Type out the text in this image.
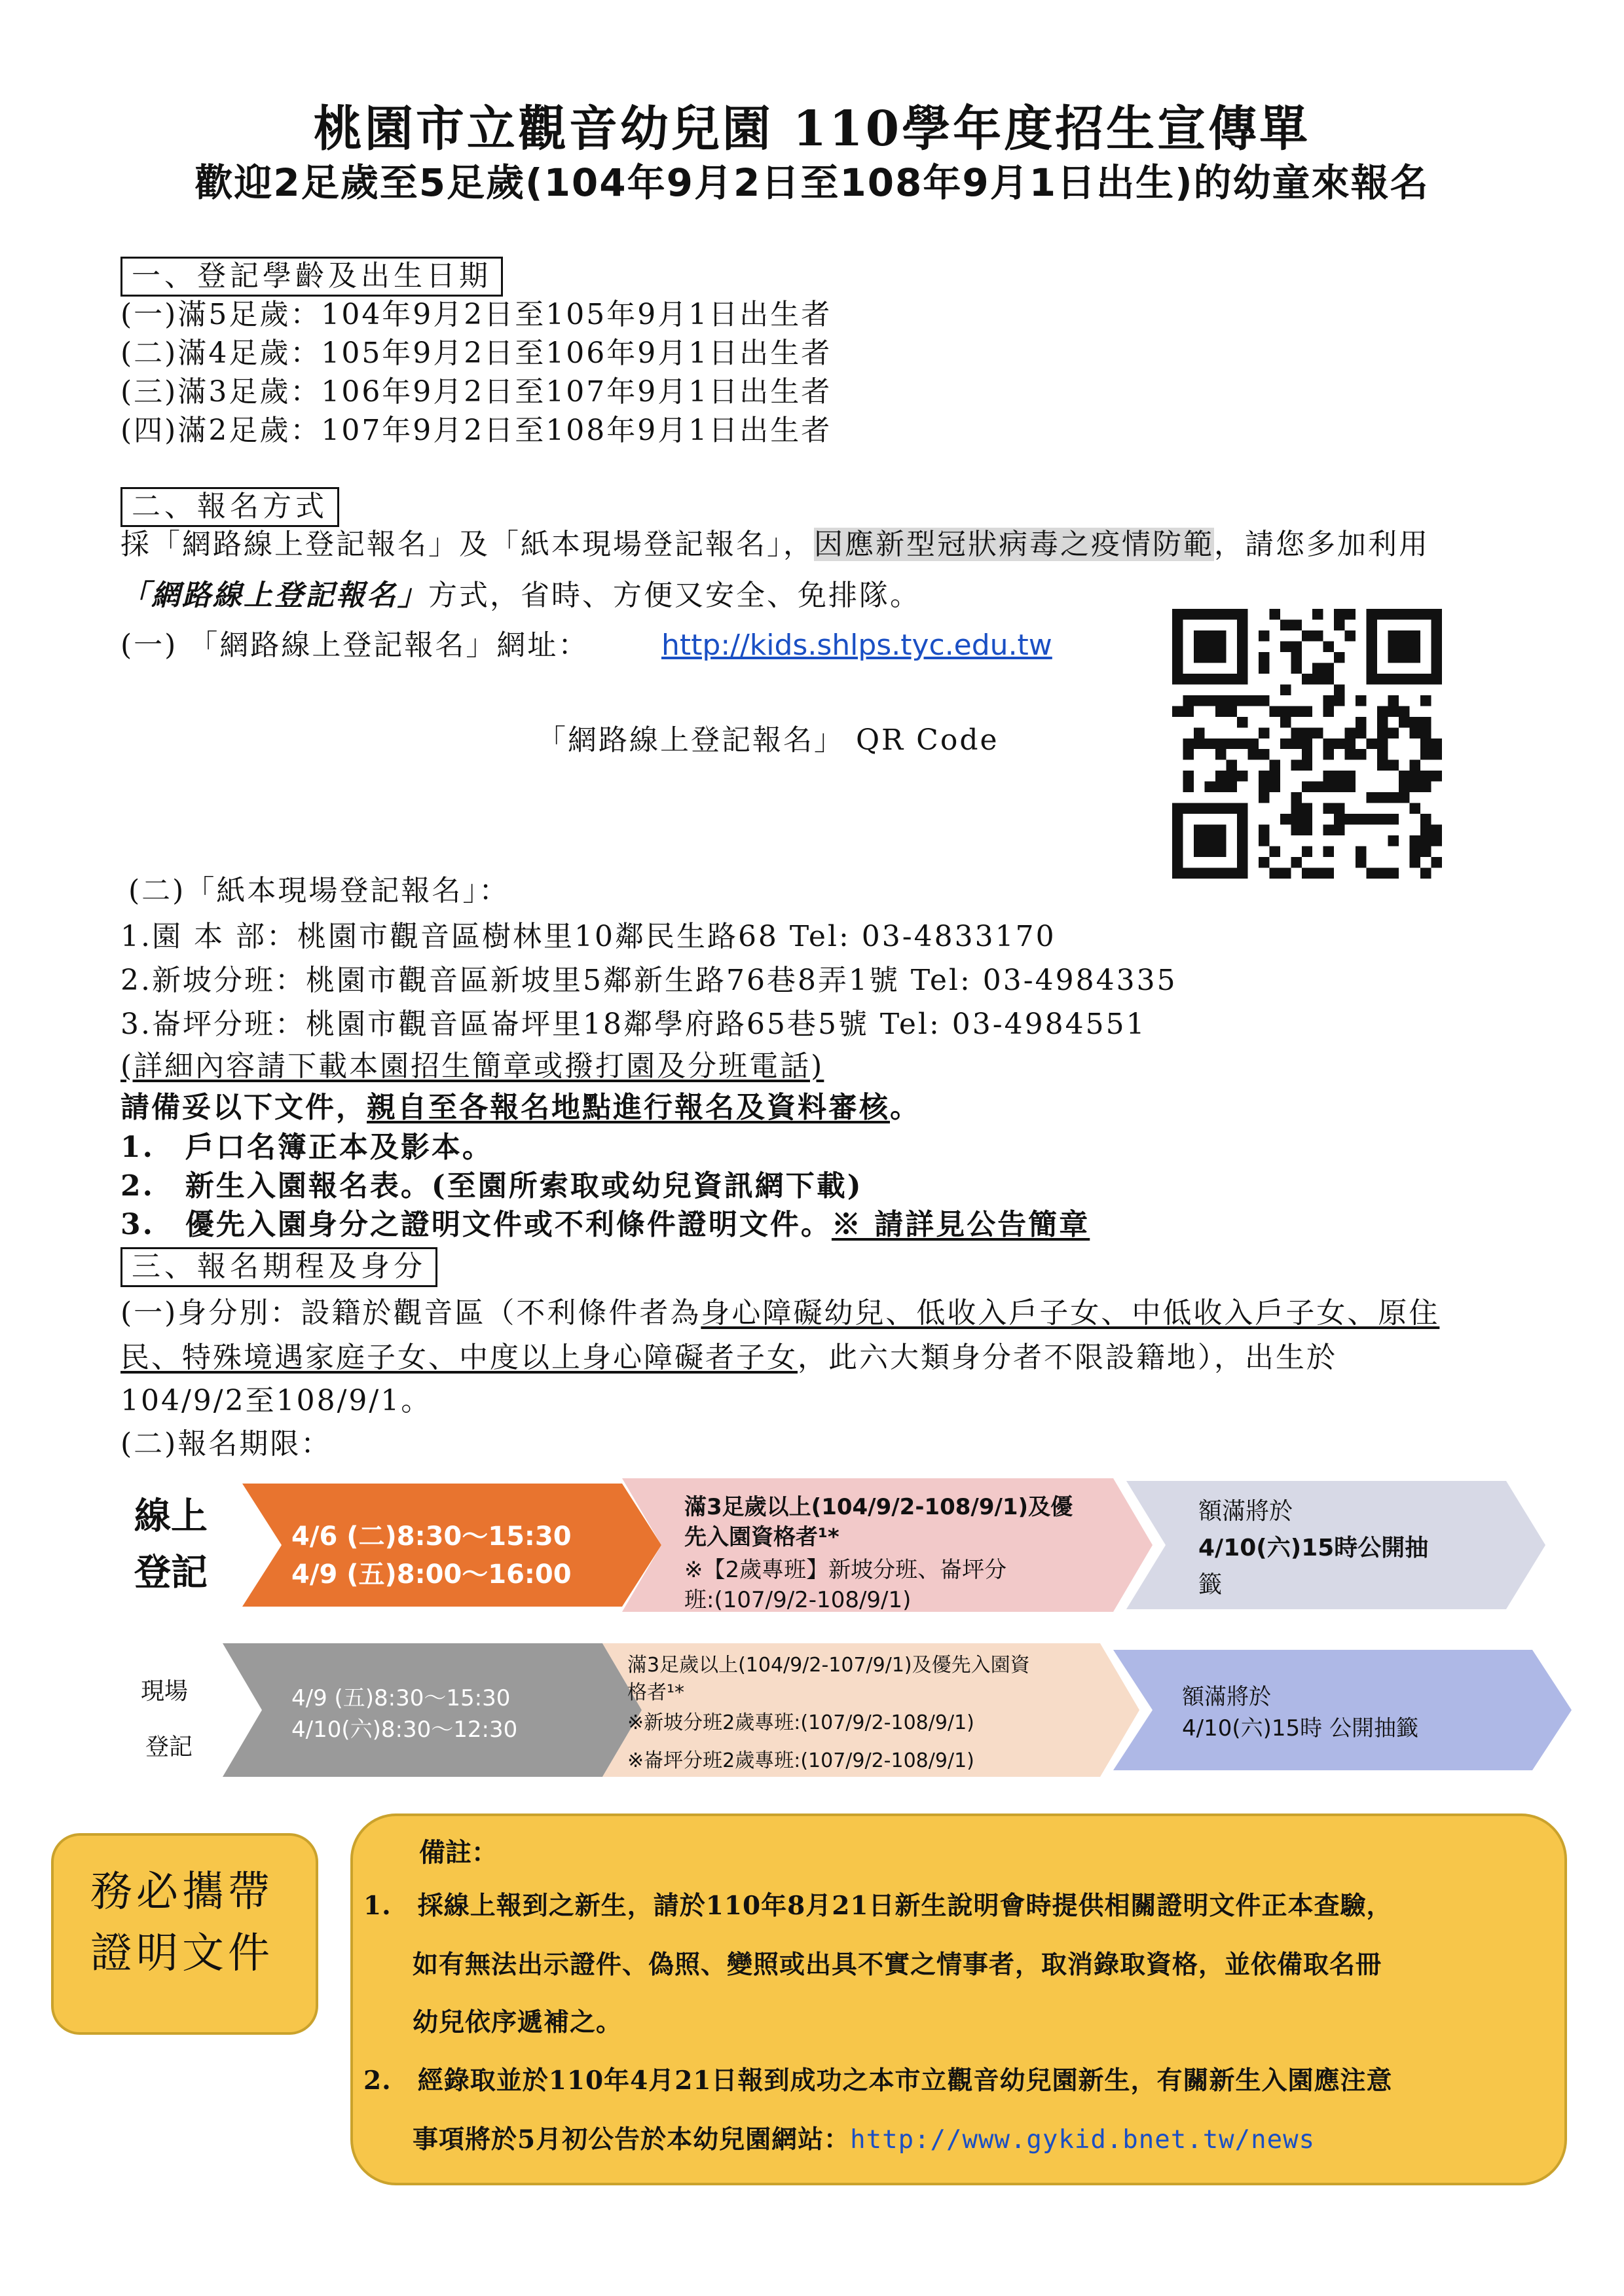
桃園市立觀音幼兒園 110學年度招生宣傳單
歡迎2足歲至5足歲(104年9月2日至108年9月1日出生)的幼童來報名
一、登記學齡及出生日期
(一)滿5足歲：104年9月2日至105年9月1日出生者
(二)滿4足歲：105年9月2日至106年9月1日出生者
(三)滿3足歲：106年9月2日至107年9月1日出生者
(四)滿2足歲：107年9月2日至108年9月1日出生者
二、報名方式
採「網路線上登記報名」及「紙本現場登記報名」，因應新型冠狀病毒之疫情防範，請您多加利用
「網路線上登記報名」方式，省時、方便又安全、免排隊。
(一) 「網路線上登記報名」網址：	http://kids.shlps.tyc.edu.tw
「網路線上登記報名」 QR Code
(二)「紙本現場登記報名」：
1.園 本 部：桃園市觀音區樹林里10鄰民生路68 Tel: 03-4833170
2.新坡分班：桃園市觀音區新坡里5鄰新生路76巷8弄1號 Tel: 03-4984335
3.崙坪分班：桃園市觀音區崙坪里18鄰學府路65巷5號 Tel: 03-4984551
(詳細內容請下載本園招生簡章或撥打園及分班電話)
請備妥以下文件，親自至各報名地點進行報名及資料審核。
1.　戶口名簿正本及影本。
2.　新生入園報名表。(至園所索取或幼兒資訊網下載)
3.　優先入園身分之證明文件或不利條件證明文件。※ 請詳見公告簡章
三、報名期程及身分
(一)身分別：設籍於觀音區（不利條件者為身心障礙幼兒、低收入戶子女、中低收入戶子女、原住
民、特殊境遇家庭子女、中度以上身心障礙者子女，此六大類身分者不限設籍地），出生於
104/9/2至108/9/1。
(二)報名期限：
線上
登記
4/6 (二)8:30～15:30
4/9 (五)8:00～16:00
滿3足歲以上(104/9/2-108/9/1)及優
先入園資格者¹*
※【2歲專班】新坡分班、崙坪分
班:(107/9/2-108/9/1)
額滿將於
4/10(六)15時公開抽
籤
現場
登記
4/9 (五)8:30～15:30
4/10(六)8:30～12:30
滿3足歲以上(104/9/2-107/9/1)及優先入園資
格者¹*
※新坡分班2歲專班:(107/9/2-108/9/1)
※崙坪分班2歲專班:(107/9/2-108/9/1)
額滿將於
4/10(六)15時 公開抽籤
務必攜帶
證明文件
備註：
1.　採線上報到之新生，請於110年8月21日新生說明會時提供相關證明文件正本查驗，
如有無法出示證件、偽照、變照或出具不實之情事者，取消錄取資格，並依備取名冊
幼兒依序遞補之。
2.　經錄取並於110年4月21日報到成功之本市立觀音幼兒園新生，有關新生入園應注意
事項將於5月初公告於本幼兒園網站：http://www.gykid.bnet.tw/news
